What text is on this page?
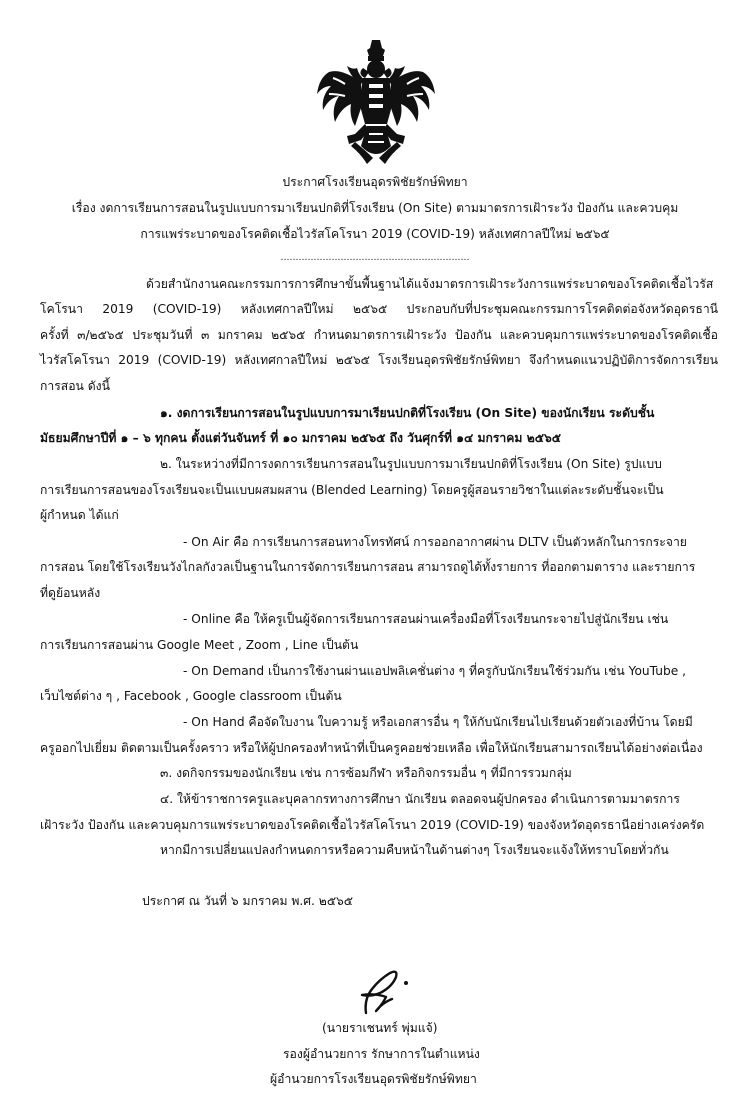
ประกาศโรงเรียนอุดรพิชัยรักษ์พิทยา
เรื่อง งดการเรียนการสอนในรูปแบบการมาเรียนปกติที่โรงเรียน (On Site) ตามมาตรการเฝ้าระวัง ป้องกัน และควบคุม
การแพร่ระบาดของโรคติดเชื้อไวรัสโคโรนา 2019 (COVID-19) หลังเทศกาลปีใหม่ ๒๕๖๕
………………………………………………………
ด้วยสำนักงานคณะกรรมการการศึกษาขั้นพื้นฐานได้แจ้งมาตรการเฝ้าระวังการแพร่ระบาดของโรคติดเชื้อไวรัส
โคโรนา 2019 (COVID-19) หลังเทศกาลปีใหม่ ๒๕๖๕ ประกอบกับที่ประชุมคณะกรรมการโรคติดต่อจังหวัดอุดรธานี
ครั้งที่ ๓/๒๕๖๕ ประชุมวันที่ ๓ มกราคม ๒๕๖๕ กำหนดมาตรการเฝ้าระวัง ป้องกัน และควบคุมการแพร่ระบาดของโรคติดเชื้อ
ไวรัสโคโรนา 2019 (COVID-19) หลังเทศกาลปีใหม่ ๒๕๖๕ โรงเรียนอุดรพิชัยรักษ์พิทยา จึงกำหนดแนวปฏิบัติการจัดการเรียน
การสอน ดังนี้
๑. งดการเรียนการสอนในรูปแบบการมาเรียนปกติที่โรงเรียน (On Site) ของนักเรียน ระดับชั้น
มัธยมศึกษาปีที่ ๑ – ๖ ทุกคน ตั้งแต่วันจันทร์ ที่ ๑๐ มกราคม ๒๕๖๕ ถึง วันศุกร์ที่ ๑๔ มกราคม ๒๕๖๕
๒. ในระหว่างที่มีการงดการเรียนการสอนในรูปแบบการมาเรียนปกติที่โรงเรียน (On Site) รูปแบบ
การเรียนการสอนของโรงเรียนจะเป็นแบบผสมผสาน (Blended Learning) โดยครูผู้สอนรายวิชาในแต่ละระดับชั้นจะเป็น
ผู้กำหนด ได้แก่
- On Air คือ การเรียนการสอนทางโทรทัศน์ การออกอากาศผ่าน DLTV เป็นตัวหลักในการกระจาย
การสอน โดยใช้โรงเรียนวังไกลกังวลเป็นฐานในการจัดการเรียนการสอน สามารถดูได้ทั้งรายการ ที่ออกตามตาราง และรายการ
ที่ดูย้อนหลัง
- Online คือ ให้ครูเป็นผู้จัดการเรียนการสอนผ่านเครื่องมือที่โรงเรียนกระจายไปสู่นักเรียน เช่น
การเรียนการสอนผ่าน Google Meet , Zoom , Line เป็นต้น
- On Demand เป็นการใช้งานผ่านแอปพลิเคชั่นต่าง ๆ ที่ครูกับนักเรียนใช้ร่วมกัน เช่น YouTube ,
เว็บไซต์ต่าง ๆ , Facebook , Google classroom เป็นต้น
- On Hand คือจัดใบงาน ใบความรู้ หรือเอกสารอื่น ๆ ให้กับนักเรียนไปเรียนด้วยตัวเองที่บ้าน โดยมี
ครูออกไปเยี่ยม ติดตามเป็นครั้งคราว หรือให้ผู้ปกครองทำหน้าที่เป็นครูคอยช่วยเหลือ เพื่อให้นักเรียนสามารถเรียนได้อย่างต่อเนื่อง
๓. งดกิจกรรมของนักเรียน เช่น การซ้อมกีฬา หรือกิจกรรมอื่น ๆ ที่มีการรวมกลุ่ม
๔. ให้ข้าราชการครูและบุคลากรทางการศึกษา นักเรียน ตลอดจนผู้ปกครอง ดำเนินการตามมาตรการ
เฝ้าระวัง ป้องกัน และควบคุมการแพร่ระบาดของโรคติดเชื้อไวรัสโคโรนา 2019 (COVID-19) ของจังหวัดอุดรธานีอย่างเคร่งครัด
หากมีการเปลี่ยนแปลงกำหนดการหรือความคืบหน้าในด้านต่างๆ โรงเรียนจะแจ้งให้ทราบโดยทั่วกัน
ประกาศ ณ วันที่ ๖ มกราคม พ.ศ. ๒๕๖๕
(นายราเชนทร์ พุ่มแจ้)
รองผู้อำนวยการ รักษาการในตำแหน่ง
ผู้อำนวยการโรงเรียนอุดรพิชัยรักษ์พิทยา
